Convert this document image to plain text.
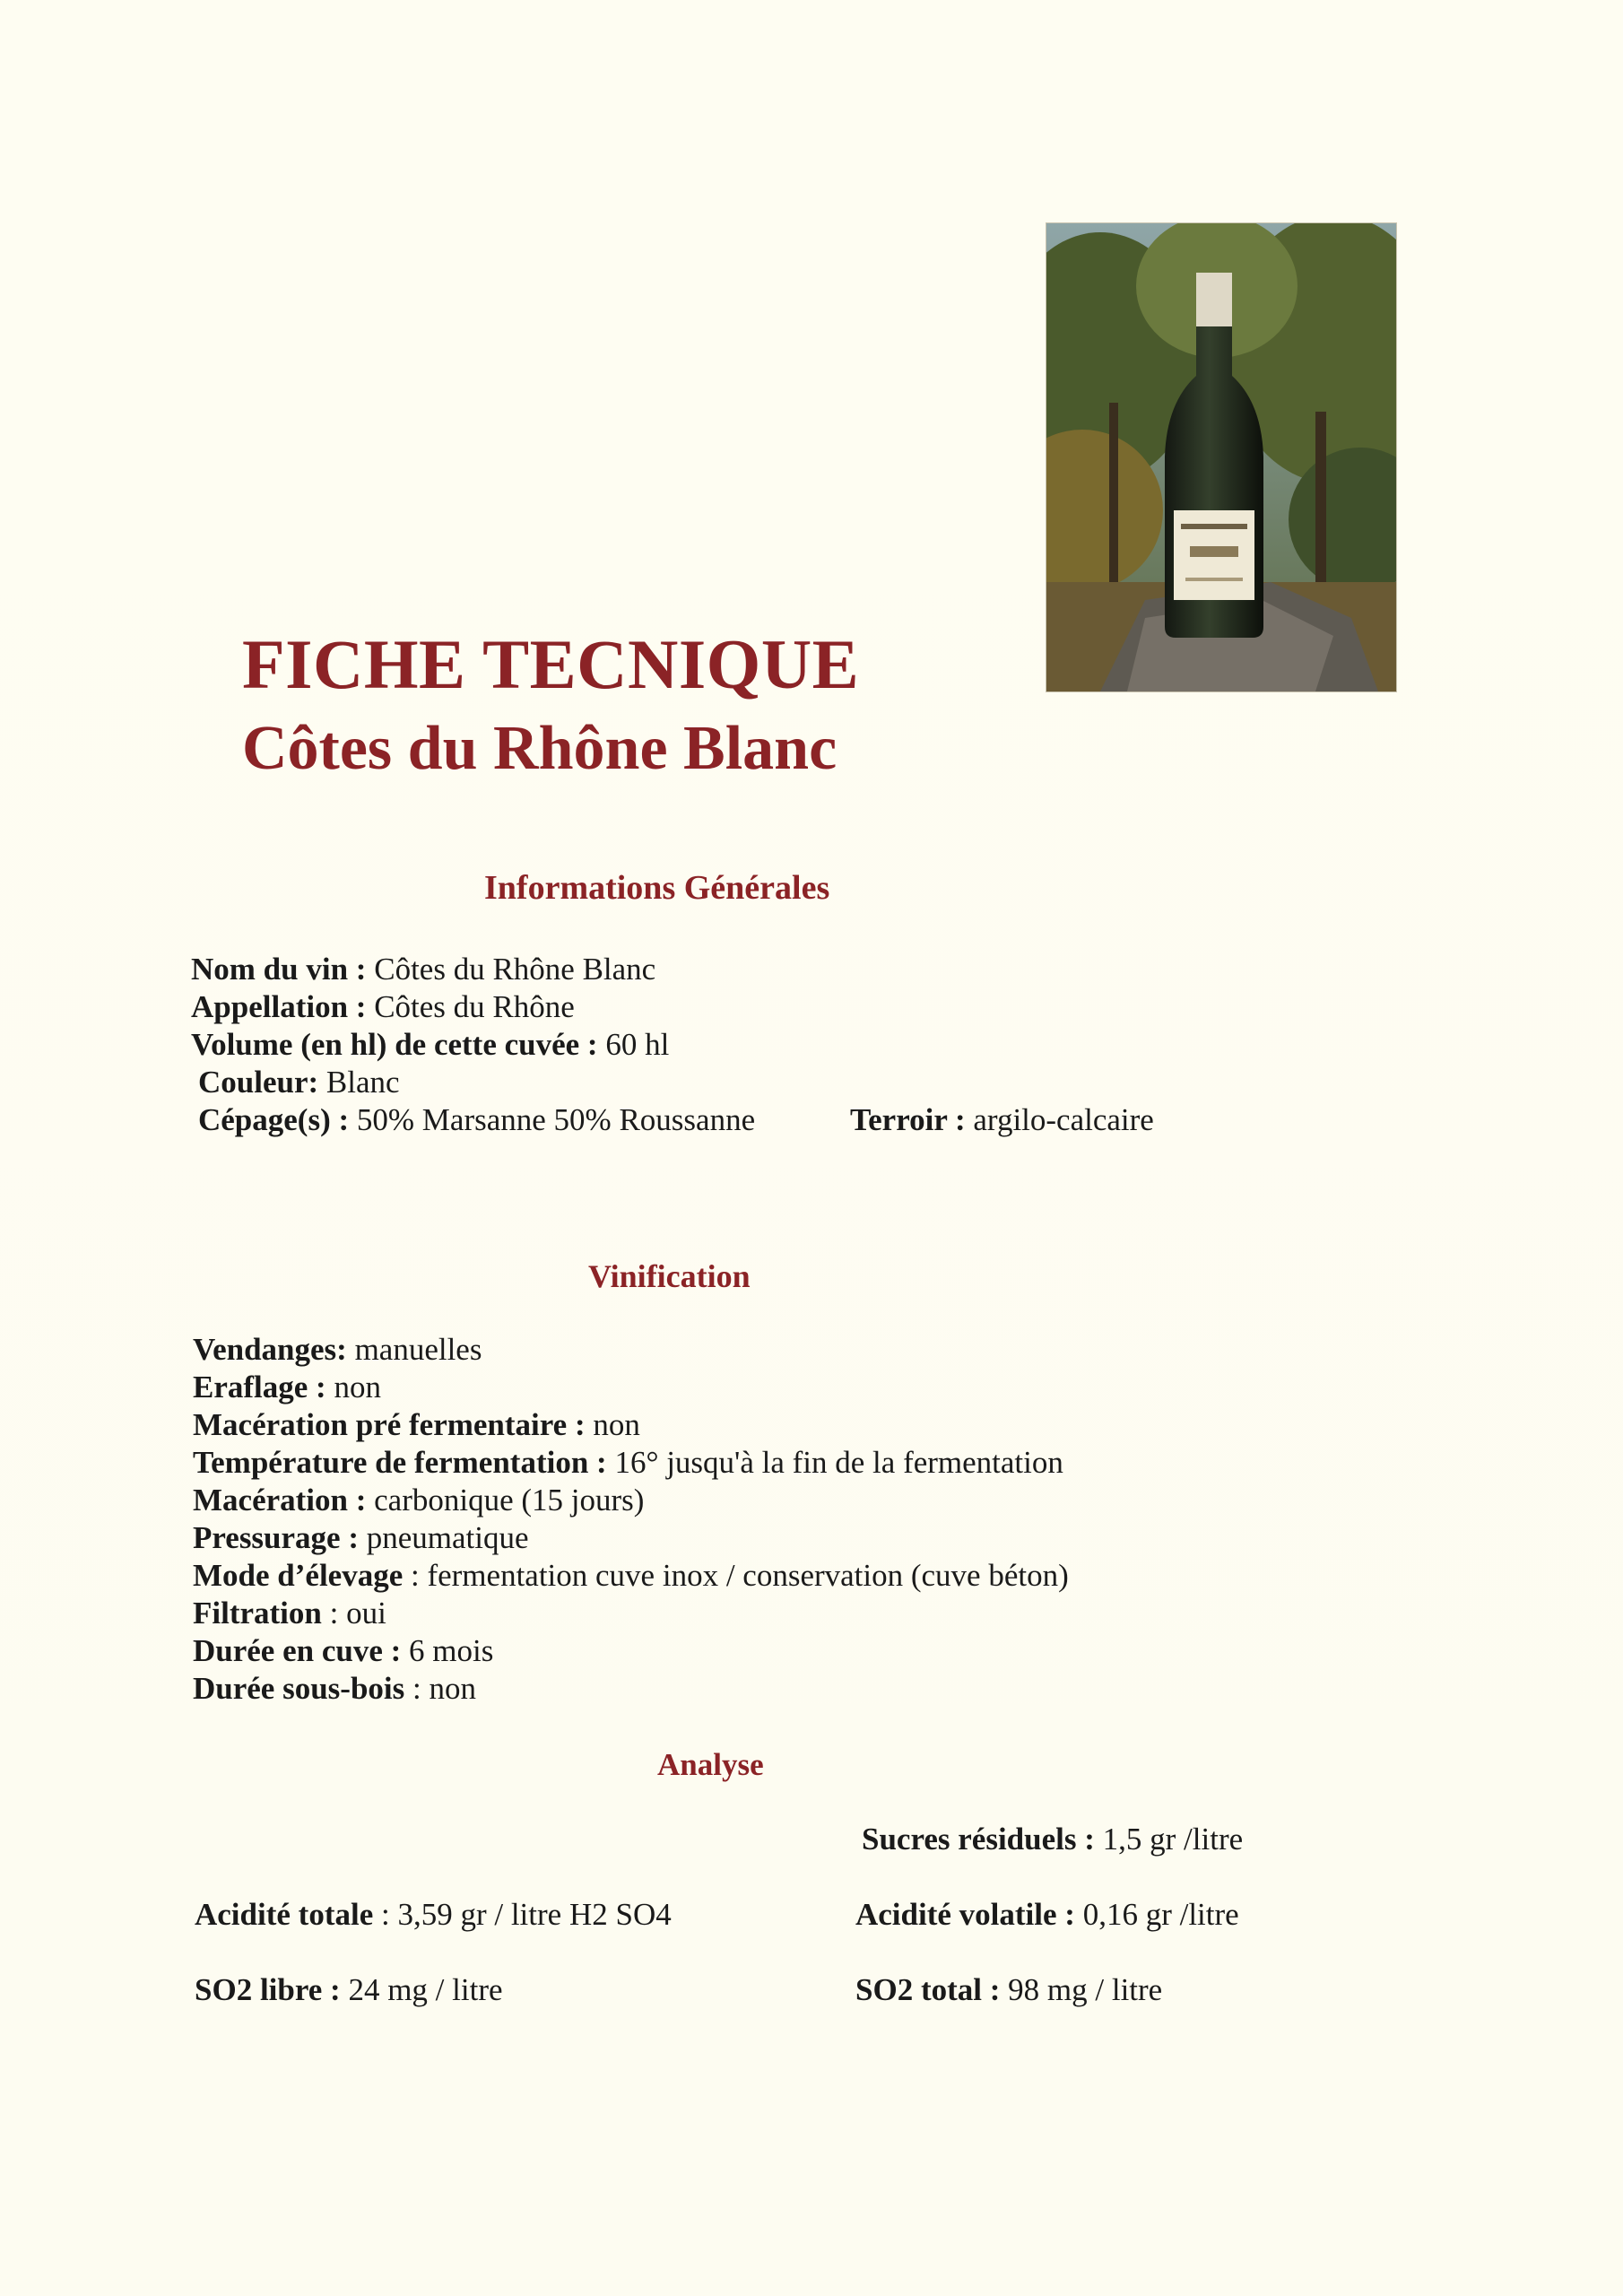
FICHE TECNIQUE
Côtes du Rhône Blanc
Informations Générales
Nom du vin : Côtes du Rhône Blanc
Appellation : Côtes du Rhône
Volume (en hl) de cette cuvée : 60 hl
Couleur: Blanc
Cépage(s) : 50% Marsanne 50% Roussanne	Terroir : argilo-calcaire
Vinification
Vendanges: manuelles
Eraflage : non
Macération pré fermentaire : non
Température de fermentation : 16° jusqu'à la fin de la fermentation
Macération : carbonique (15 jours)
Pressurage : pneumatique
Mode d’élevage : fermentation cuve inox / conservation (cuve béton)
Filtration : oui
Durée en cuve : 6 mois
Durée sous-bois : non
Analyse
Sucres résiduels : 1,5 gr /litre
Acidité totale : 3,59 gr / litre H2 SO4	Acidité volatile : 0,16 gr /litre
SO2 libre : 24 mg / litre	SO2 total : 98 mg / litre
